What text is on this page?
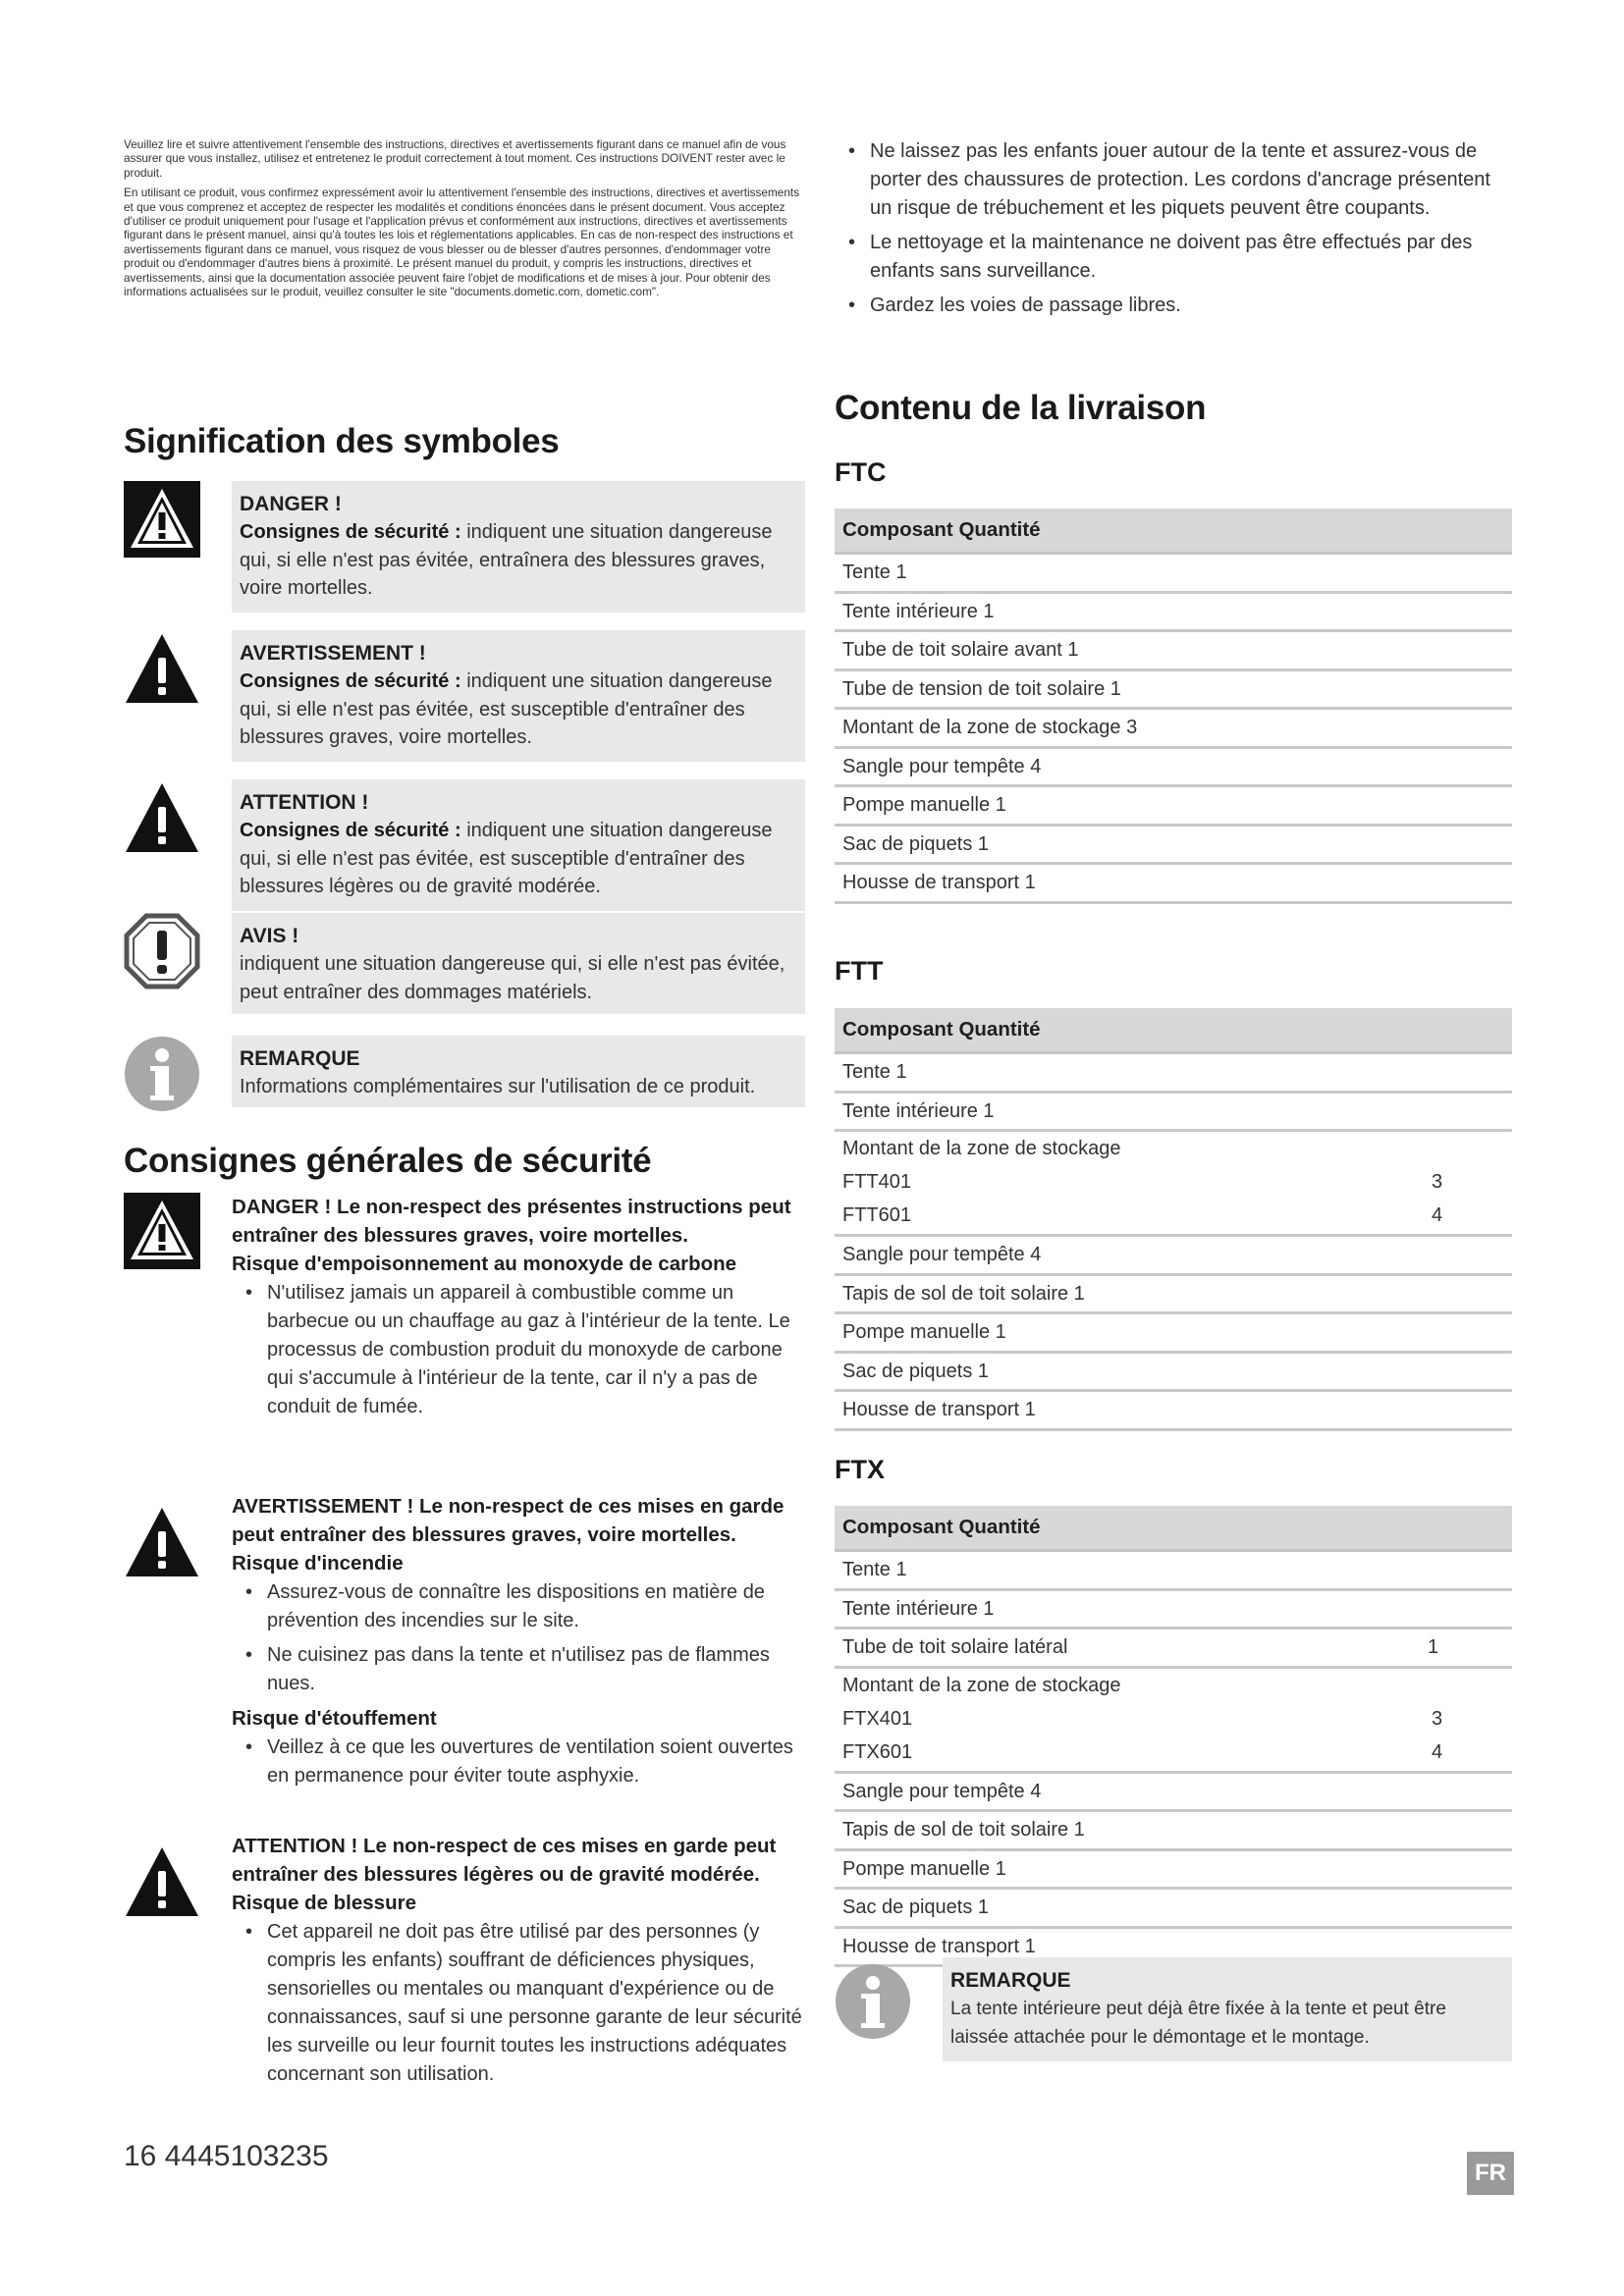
Veuillez lire et suivre attentivement l'ensemble des instructions, directives et avertissements figurant dans ce manuel afin de vous assurer que vous installez, utilisez et entretenez le produit correctement à tout moment. Ces instructions DOIVENT rester avec le produit.

En utilisant ce produit, vous confirmez expressément avoir lu attentivement l'ensemble des instructions, directives et avertissements et que vous comprenez et acceptez de respecter les modalités et conditions énoncées dans le présent document. Vous acceptez d'utiliser ce produit uniquement pour l'usage et l'application prévus et conformément aux instructions, directives et avertissements figurant dans le présent manuel, ainsi qu'à toutes les lois et réglementations applicables. En cas de non-respect des instructions et avertissements figurant dans ce manuel, vous risquez de vous blesser ou de blesser d'autres personnes, d'endommager votre produit ou d'endommager d'autres biens à proximité. Le présent manuel du produit, y compris les instructions, directives et avertissements, ainsi que la documentation associée peuvent faire l'objet de modifications et de mises à jour. Pour obtenir des informations actualisées sur le produit, veuillez consulter le site "documents.dometic.com, dometic.com".

Signification des symboles
DANGER !
Consignes de sécurité : indiquent une situation dangereuse qui, si elle n'est pas évitée, entraînera des blessures graves, voire mortelles.
AVERTISSEMENT !
Consignes de sécurité : indiquent une situation dangereuse qui, si elle n'est pas évitée, est susceptible d'entraîner des blessures graves, voire mortelles.
ATTENTION !
Consignes de sécurité : indiquent une situation dangereuse qui, si elle n'est pas évitée, est susceptible d'entraîner des blessures légères ou de gravité modérée.
AVIS !
indiquent une situation dangereuse qui, si elle n'est pas évitée, peut entraîner des dommages matériels.
REMARQUE
Informations complémentaires sur l'utilisation de ce produit.
Consignes générales de sécurité
DANGER ! Le non-respect des présentes instructions peut entraîner des blessures graves, voire mortelles.
Risque d'empoisonnement au monoxyde de carbone
• N'utilisez jamais un appareil à combustible comme un barbecue ou un chauffage au gaz à l'intérieur de la tente. Le processus de combustion produit du monoxyde de carbone qui s'accumule à l'intérieur de la tente, car il n'y a pas de conduit de fumée.
AVERTISSEMENT ! Le non-respect de ces mises en garde peut entraîner des blessures graves, voire mortelles.
Risque d'incendie
• Assurez-vous de connaître les dispositions en matière de prévention des incendies sur le site.
• Ne cuisinez pas dans la tente et n'utilisez pas de flammes nues.
Risque d'étouffement
• Veillez à ce que les ouvertures de ventilation soient ouvertes en permanence pour éviter toute asphyxie.
ATTENTION ! Le non-respect de ces mises en garde peut entraîner des blessures légères ou de gravité modérée.
Risque de blessure
• Cet appareil ne doit pas être utilisé par des personnes (y compris les enfants) souffrant de déficiences physiques, sensorielles ou mentales ou manquant d'expérience ou de connaissances, sauf si une personne garante de leur sécurité les surveille ou leur fournit toutes les instructions adéquates concernant son utilisation.
• Ne laissez pas les enfants jouer autour de la tente et assurez-vous de porter des chaussures de protection. Les cordons d'ancrage présentent un risque de trébuchement et les piquets peuvent être coupants.
• Le nettoyage et la maintenance ne doivent pas être effectués par des enfants sans surveillance.
• Gardez les voies de passage libres.
Contenu de la livraison
FTC
Composant Quantité
Tente 1
Tente intérieure 1
Tube de toit solaire avant 1
Tube de tension de toit solaire 1
Montant de la zone de stockage 3
Sangle pour tempête 4
Pompe manuelle 1
Sac de piquets 1
Housse de transport 1
FTT
Composant Quantité
Tente 1
Tente intérieure 1
Montant de la zone de stockage
FTT401	3
FTT601	4
Sangle pour tempête 4
Tapis de sol de toit solaire 1
Pompe manuelle 1
Sac de piquets 1
Housse de transport 1
FTX
Composant Quantité
Tente 1
Tente intérieure 1
Tube de toit solaire latéral	1
Montant de la zone de stockage
FTX401	3
FTX601	4
Sangle pour tempête 4
Tapis de sol de toit solaire 1
Pompe manuelle 1
Sac de piquets 1
Housse de transport 1
REMARQUE
La tente intérieure peut déjà être fixée à la tente et peut être laissée attachée pour le démontage et le montage.
16 4445103235
FR
